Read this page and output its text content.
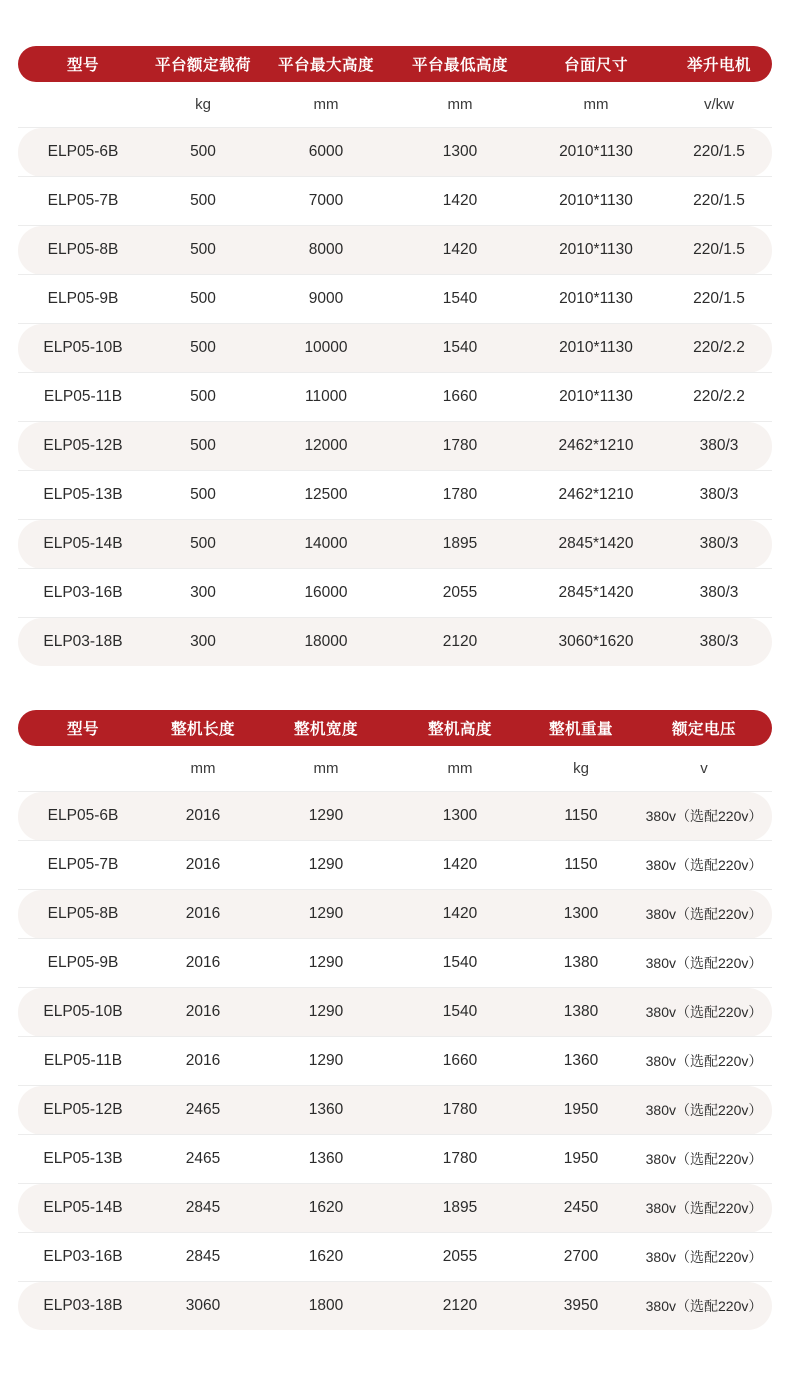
型号	平台额定载荷	平台最大高度	平台最低高度	台面尺寸	举升电机
	kg	mm	mm	mm	v/kw
ELP05-6B	500	6000	1300	2010*1130	220/1.5
ELP05-7B	500	7000	1420	2010*1130	220/1.5
ELP05-8B	500	8000	1420	2010*1130	220/1.5
ELP05-9B	500	9000	1540	2010*1130	220/1.5
ELP05-10B	500	10000	1540	2010*1130	220/2.2
ELP05-11B	500	11000	1660	2010*1130	220/2.2
ELP05-12B	500	12000	1780	2462*1210	380/3
ELP05-13B	500	12500	1780	2462*1210	380/3
ELP05-14B	500	14000	1895	2845*1420	380/3
ELP03-16B	300	16000	2055	2845*1420	380/3
ELP03-18B	300	18000	2120	3060*1620	380/3
型号	整机长度	整机宽度	整机高度	整机重量	额定电压
	mm	mm	mm	kg	v
ELP05-6B	2016	1290	1300	1150	380v（选配220v）
ELP05-7B	2016	1290	1420	1150	380v（选配220v）
ELP05-8B	2016	1290	1420	1300	380v（选配220v）
ELP05-9B	2016	1290	1540	1380	380v（选配220v）
ELP05-10B	2016	1290	1540	1380	380v（选配220v）
ELP05-11B	2016	1290	1660	1360	380v（选配220v）
ELP05-12B	2465	1360	1780	1950	380v（选配220v）
ELP05-13B	2465	1360	1780	1950	380v（选配220v）
ELP05-14B	2845	1620	1895	2450	380v（选配220v）
ELP03-16B	2845	1620	2055	2700	380v（选配220v）
ELP03-18B	3060	1800	2120	3950	380v（选配220v）
